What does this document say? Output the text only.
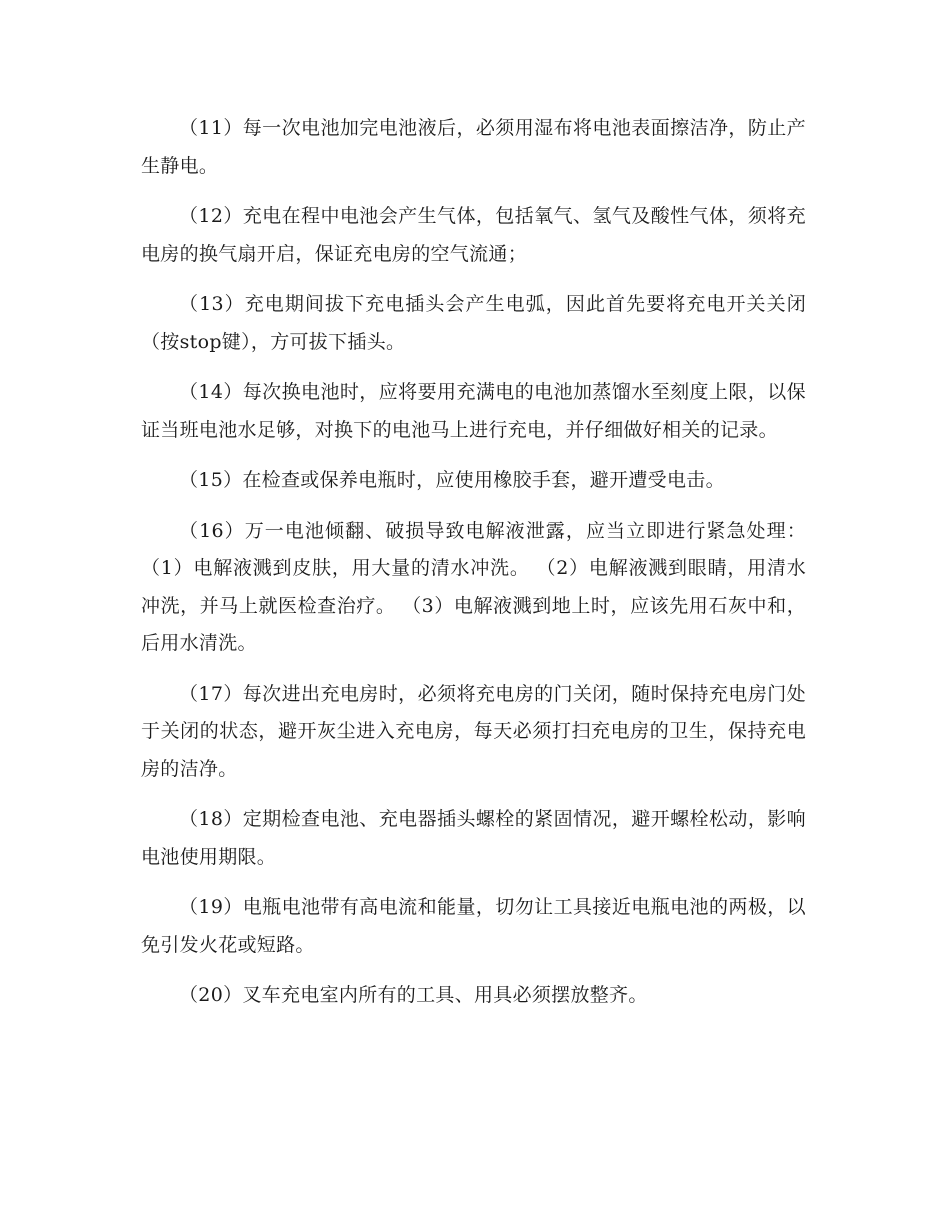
（11）每一次电池加完电池液后，必须用湿布将电池表面擦洁净，防止产生静电。

（12）充电在程中电池会产生气体，包括氧气、氢气及酸性气体，须将充电房的换气扇开启，保证充电房的空气流通；

（13）充电期间拔下充电插头会产生电弧，因此首先要将充电开关关闭（按stop键），方可拔下插头。

（14）每次换电池时，应将要用充满电的电池加蒸馏水至刻度上限，以保证当班电池水足够，对换下的电池马上进行充电，并仔细做好相关的记录。

（15）在检查或保养电瓶时，应使用橡胶手套，避开遭受电击。

（16）万一电池倾翻、破损导致电解液泄露，应当立即进行紧急处理： （1）电解液溅到皮肤，用大量的清水冲洗。 （2）电解液溅到眼睛，用清水冲洗，并马上就医检查治疗。 （3）电解液溅到地上时，应该先用石灰中和，后用水清洗。

（17）每次进出充电房时，必须将充电房的门关闭，随时保持充电房门处于关闭的状态，避开灰尘进入充电房，每天必须打扫充电房的卫生，保持充电房的洁净。

（18）定期检查电池、充电器插头螺栓的紧固情况，避开螺栓松动，影响电池使用期限。

（19）电瓶电池带有高电流和能量，切勿让工具接近电瓶电池的两极，以免引发火花或短路。

（20）叉车充电室内所有的工具、用具必须摆放整齐。
